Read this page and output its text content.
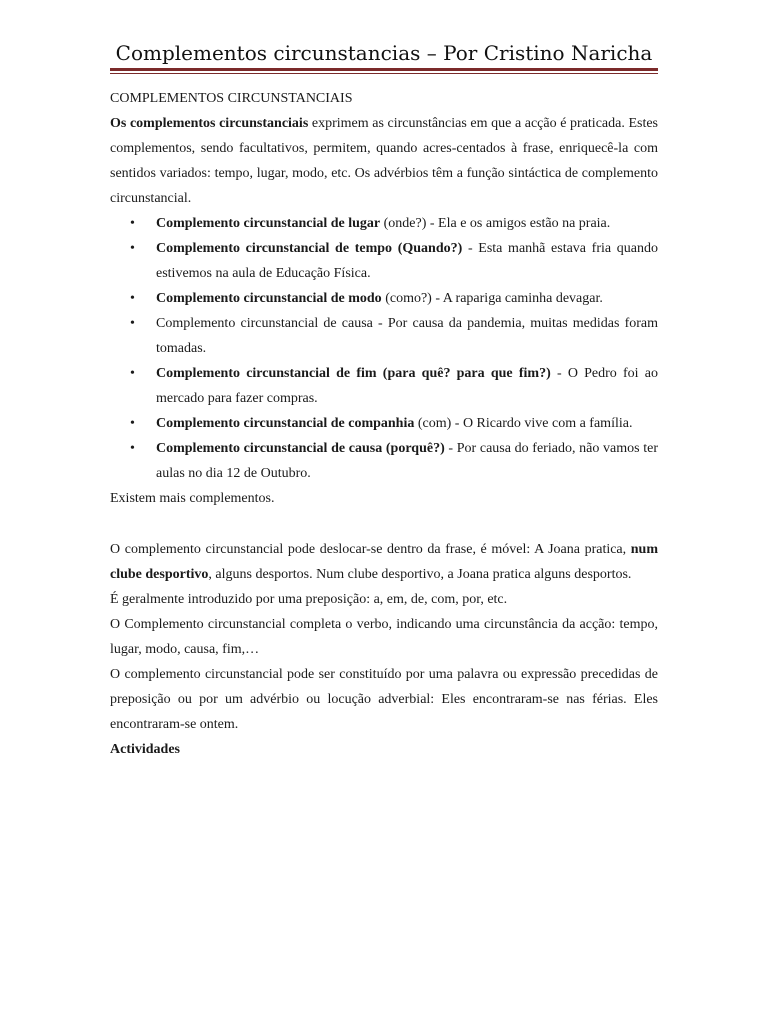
Complementos circunstancias – Por Cristino Naricha

COMPLEMENTOS CIRCUNSTANCIAIS

Os complementos circunstanciais exprimem as circunstâncias em que a acção é praticada. Estes complementos, sendo facultativos, permitem, quando acres-centados à frase, enriquecê-la com sentidos variados: tempo, lugar, modo, etc. Os advérbios têm a função sintáctica de complemento circunstancial.

• Complemento circunstancial de lugar (onde?) - Ela e os amigos estão na praia.
• Complemento circunstancial de tempo (Quando?) - Esta manhã estava fria quando estivemos na aula de Educação Física.
• Complemento circunstancial de modo (como?) - A rapariga caminha devagar.
• Complemento circunstancial de causa - Por causa da pandemia, muitas medidas foram tomadas.
• Complemento circunstancial de fim (para quê? para que fim?) - O Pedro foi ao mercado para fazer compras.
• Complemento circunstancial de companhia (com) - O Ricardo vive com a família.
• Complemento circunstancial de causa (porquê?) - Por causa do feriado, não vamos ter aulas no dia 12 de Outubro.

Existem mais complementos.

O complemento circunstancial pode deslocar-se dentro da frase, é móvel: A Joana pratica, num clube desportivo, alguns desportos. Num clube desportivo, a Joana pratica alguns desportos.

É geralmente introduzido por uma preposição: a, em, de, com, por, etc.

O Complemento circunstancial completa o verbo, indicando uma circunstância da acção: tempo, lugar, modo, causa, fim,…

O complemento circunstancial pode ser constituído por uma palavra ou expressão precedidas de preposição ou por um advérbio ou locução adverbial: Eles encontraram-se nas férias. Eles encontraram-se ontem.

Actividades
